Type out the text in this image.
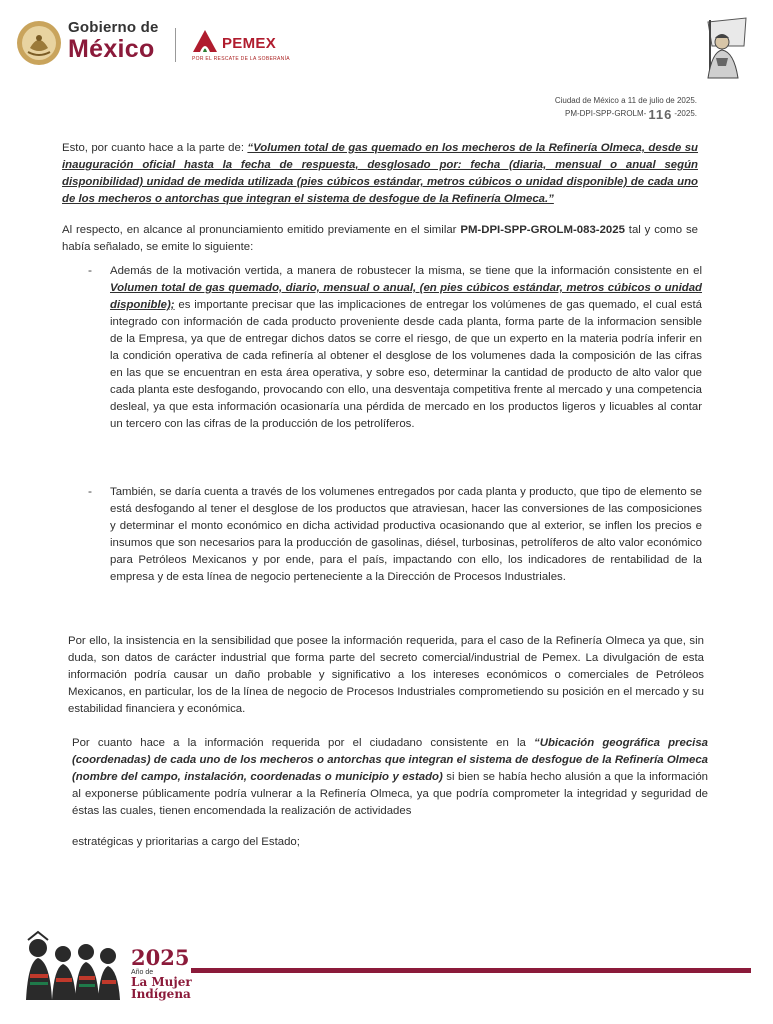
Gobierno de
México	PEMEX
POR EL RESCATE DE LA SOBERANÍA
Ciudad de México a 11 de julio de 2025.
PM-DPI-SPP-GROLM- 116 -2025.
Esto, por cuanto hace a la parte de: “Volumen total de gas quemado en los mecheros de la Refinería Olmeca, desde su inauguración oficial hasta la fecha de respuesta, desglosado por: fecha (diaria, mensual o anual según disponibilidad) unidad de medida utilizada (pies cúbicos estándar, metros cúbicos o unidad disponible) de cada uno de los mecheros o antorchas que integran el sistema de desfogue de la Refinería Olmeca.”
Al respecto, en alcance al pronunciamiento emitido previamente en el similar PM-DPI-SPP-GROLM-083-2025 tal y como se había señalado, se emite lo siguiente:
- Además de la motivación vertida, a manera de robustecer la misma, se tiene que la información consistente en el Volumen total de gas quemado, diario, mensual o anual, (en pies cúbicos estándar, metros cúbicos o unidad disponible); es importante precisar que las implicaciones de entregar los volúmenes de gas quemado, el cual está integrado con información de cada producto proveniente desde cada planta, forma parte de la informacion sensible de la Empresa, ya que de entregar dichos datos se corre el riesgo, de que un experto en la materia podría inferir en la condición operativa de cada refinería al obtener el desglose de los volumenes dada la composición de las cifras en las que se encuentran en esta área operativa, y sobre eso, determinar la cantidad de producto de alto valor que cada planta este desfogando, provocando con ello, una desventaja competitiva frente al mercado y una competencia desleal, ya que esta información ocasionaría una pérdida de mercado en los productos ligeros y licuables al contar un tercero con las cifras de la producción de los petrolíferos.
- También, se daría cuenta a través de los volumenes entregados por cada planta y producto, que tipo de elemento se está desfogando al tener el desglose de los productos que atraviesan, hacer las conversiones de las composiciones y determinar el monto económico en dicha actividad productiva ocasionando que al exterior, se inflen los precios e insumos que son necesarios para la producción de gasolinas, diésel, turbosinas, petrolíferos de alto valor económico para Petróleos Mexicanos y por ende, para el país, impactando con ello, los indicadores de rentabilidad de la empresa y de esta línea de negocio perteneciente a la Dirección de Procesos Industriales.
Por ello, la insistencia en la sensibilidad que posee la información requerida, para el caso de la Refinería Olmeca ya que, sin duda, son datos de carácter industrial que forma parte del secreto comercial/industrial de Pemex. La divulgación de esta información podría causar un daño probable y significativo a los intereses económicos o comerciales de Petróleos Mexicanos, en particular, los de la línea de negocio de Procesos Industriales comprometiendo su posición en el mercado y su estabilidad financiera y económica.
Por cuanto hace a la información requerida por el ciudadano consistente en la “Ubicación geográfica precisa (coordenadas) de cada uno de los mecheros o antorchas que integran el sistema de desfogue de la Refinería Olmeca (nombre del campo, instalación, coordenadas o municipio y estado) si bien se había hecho alusión a que la información al exponerse públicamente podría vulnerar a la Refinería Olmeca, ya que podría comprometer la integridad y seguridad de éstas las cuales, tienen encomendada la realización de actividades
estratégicas y prioritarias a cargo del Estado;
2025
Año de
La Mujer
Indígena
